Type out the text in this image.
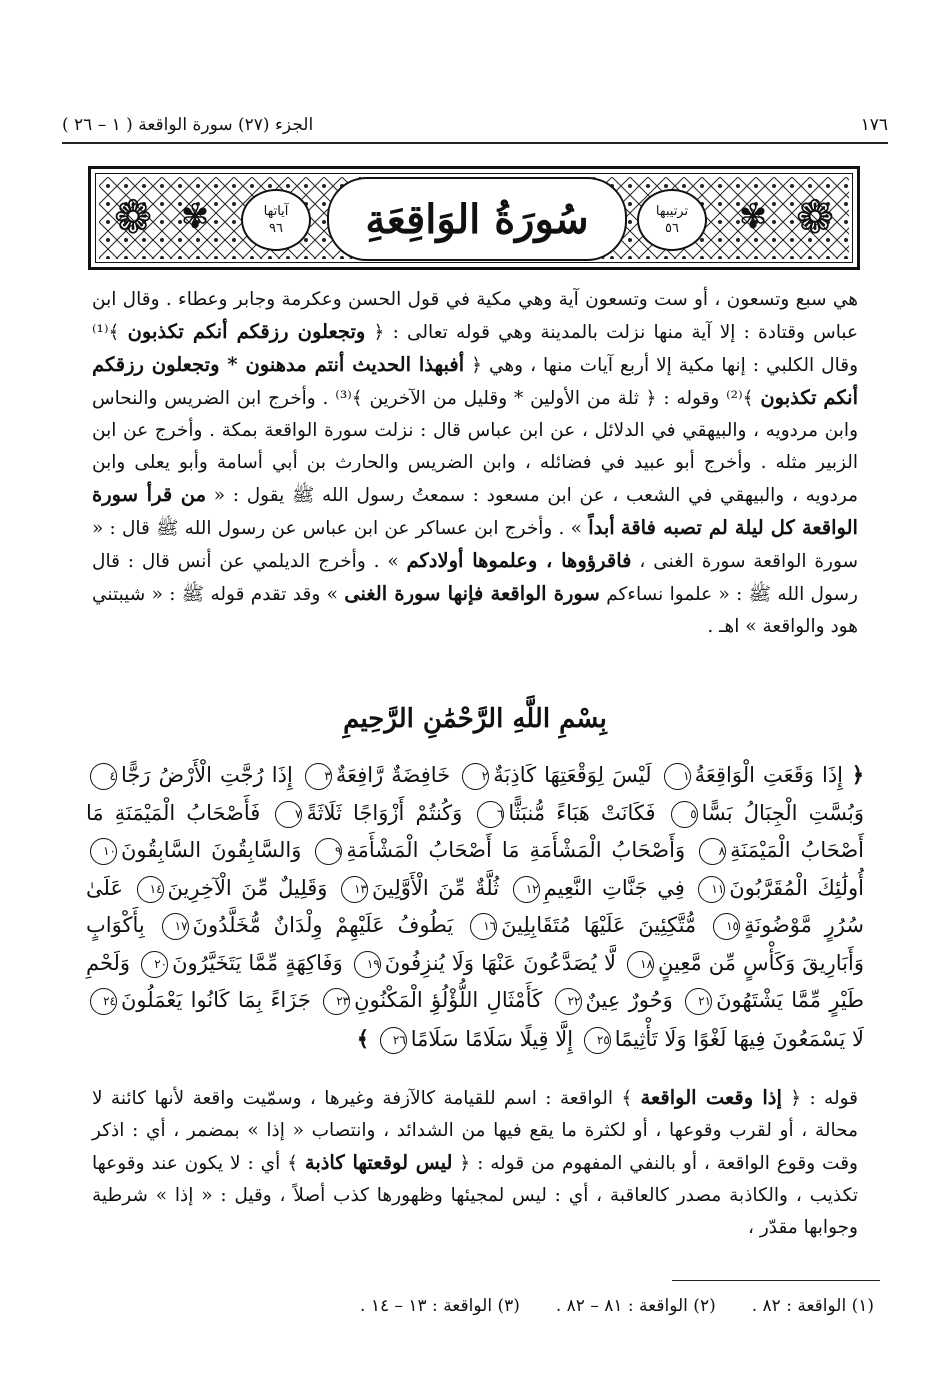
١٧٦
الجزء (٢٧) سورة الواقعة ( ١ – ٢٦ )
❁
❁	✾
✾	ترتيبها
٥٦
آياتها
٩٦ سُورَةُ الوَاقِعَةِ
هي سبع وتسعون ، أو ست وتسعون آية وهي مكية في قول الحسن وعكرمة وجابر وعطاء . وقال ابن عباس وقتادة : إلا آية منها نزلت بالمدينة وهي قوله تعالى : ﴿ وتجعلون رزقكم أنكم تكذبون ﴾⁽¹⁾ وقال الكلبي : إنها مكية إلا أربع آيات منها ، وهي ﴿ أفبهذا الحديث أنتم مدهنون * وتجعلون رزقكم أنكم تكذبون ﴾⁽²⁾ وقوله : ﴿ ثلة من الأولين * وقليل من الآخرين ﴾⁽³⁾ . وأخرج ابن الضريس والنحاس وابن مردويه ، والبيهقي في الدلائل ، عن ابن عباس قال : نزلت سورة الواقعة بمكة . وأخرج عن ابن الزبير مثله . وأخرج أبو عبيد في فضائله ، وابن الضريس والحارث بن أبي أسامة وأبو يعلى وابن مردويه ، والبيهقي في الشعب ، عن ابن مسعود : سمعتُ رسول الله ﷺ يقول : « من قرأ سورة الواقعة كل ليلة لم تصبه فاقة أبداً » . وأخرج ابن عساكر عن ابن عباس عن رسول الله ﷺ قال : « سورة الواقعة سورة الغنى ، فاقرؤوها ، وعلموها أولادكم » . وأخرج الديلمي عن أنس قال : قال رسول الله ﷺ : « علموا نساءكم سورة الواقعة فإنها سورة الغنى » وقد تقدم قوله ﷺ : « شيبتني هود والواقعة » اهـ .
بِسْمِ اللَّهِ الرَّحْمَٰنِ الرَّحِيمِ
﴿ إِذَا وَقَعَتِ الْوَاقِعَةُ١ لَيْسَ لِوَقْعَتِهَا كَاذِبَةٌ٢ خَافِضَةٌ رَّافِعَةٌ٣ إِذَا رُجَّتِ الْأَرْضُ رَجًّا٤ وَبُسَّتِ الْجِبَالُ بَسًّا٥ فَكَانَتْ هَبَاءً مُّنبَثًّا٦ وَكُنتُمْ أَزْوَاجًا ثَلَاثَةً٧ فَأَصْحَابُ الْمَيْمَنَةِ مَا أَصْحَابُ الْمَيْمَنَةِ٨ وَأَصْحَابُ الْمَشْأَمَةِ مَا أَصْحَابُ الْمَشْأَمَةِ٩ وَالسَّابِقُونَ السَّابِقُونَ١٠ أُولَٰئِكَ الْمُقَرَّبُونَ١١ فِي جَنَّاتِ النَّعِيمِ١٢ ثُلَّةٌ مِّنَ الْأَوَّلِينَ١٣ وَقَلِيلٌ مِّنَ الْآخِرِينَ١٤ عَلَىٰ سُرُرٍ مَّوْضُونَةٍ١٥ مُّتَّكِئِينَ عَلَيْهَا مُتَقَابِلِينَ١٦ يَطُوفُ عَلَيْهِمْ وِلْدَانٌ مُّخَلَّدُونَ١٧ بِأَكْوَابٍ وَأَبَارِيقَ وَكَأْسٍ مِّن مَّعِينٍ١٨ لَّا يُصَدَّعُونَ عَنْهَا وَلَا يُنزِفُونَ١٩ وَفَاكِهَةٍ مِّمَّا يَتَخَيَّرُونَ٢٠ وَلَحْمِ طَيْرٍ مِّمَّا يَشْتَهُونَ٢١ وَحُورٌ عِينٌ٢٢ كَأَمْثَالِ اللُّؤْلُؤِ الْمَكْنُونِ٢٣ جَزَاءً بِمَا كَانُوا يَعْمَلُونَ٢٤ لَا يَسْمَعُونَ فِيهَا لَغْوًا وَلَا تَأْثِيمًا٢٥ إِلَّا قِيلًا سَلَامًا سَلَامًا٢٦ ﴾
قوله : ﴿ إذا وقعت الواقعة ﴾ الواقعة : اسم للقيامة كالآزفة وغيرها ، وسمّيت واقعة لأنها كائنة لا محالة ، أو لقرب وقوعها ، أو لكثرة ما يقع فيها من الشدائد ، وانتصاب « إذا » بمضمر ، أي : اذكر وقت وقوع الواقعة ، أو بالنفي المفهوم من قوله : ﴿ ليس لوقعتها كاذبة ﴾ أي : لا يكون عند وقوعها تكذيب ، والكاذبة مصدر كالعاقبة ، أي : ليس لمجيئها وظهورها كذب أصلاً ، وقيل : « إذا » شرطية وجوابها مقدّر ،
(١) الواقعة : ٨٢ .
(٢) الواقعة : ٨١ – ٨٢ .
(٣) الواقعة : ١٣ – ١٤ .
